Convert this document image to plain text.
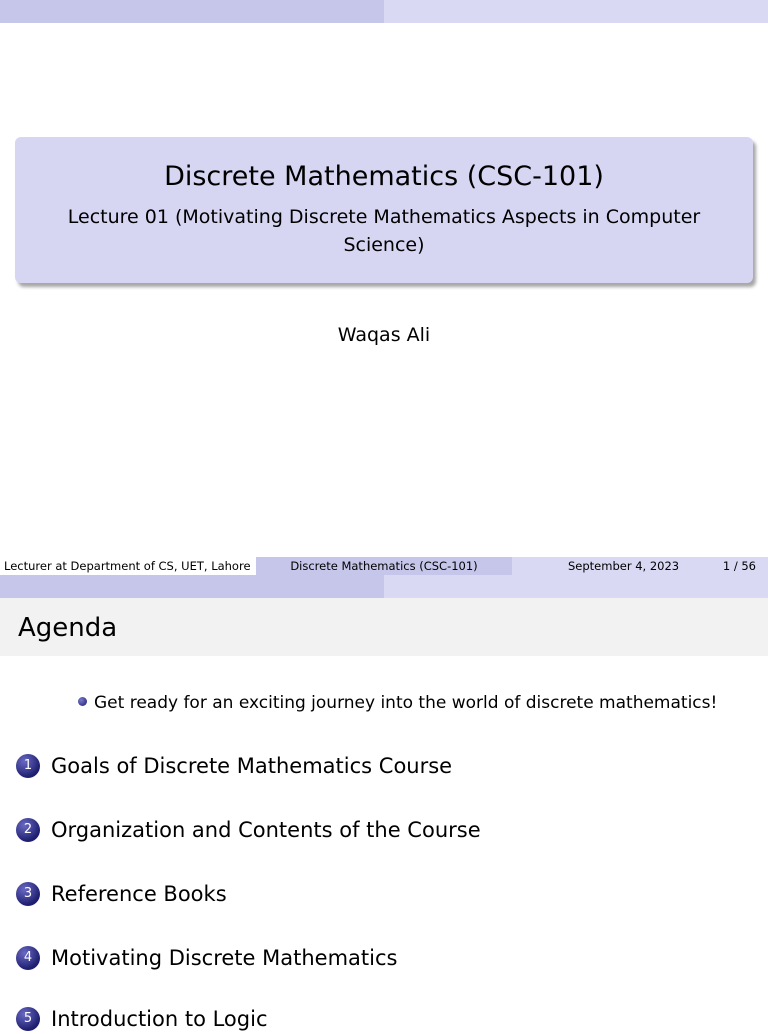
Discrete Mathematics (CSC-101)
Lecture 01 (Motivating Discrete Mathematics Aspects in Computer Science)
Waqas Ali
Lecturer at Department of CS, UET, Lahore	Discrete Mathematics (CSC-101)	September 4, 2023	1 / 56
Agenda
Get ready for an exciting journey into the world of discrete mathematics!
1 Goals of Discrete Mathematics Course
2 Organization and Contents of the Course
3 Reference Books
4 Motivating Discrete Mathematics
5 Introduction to Logic
